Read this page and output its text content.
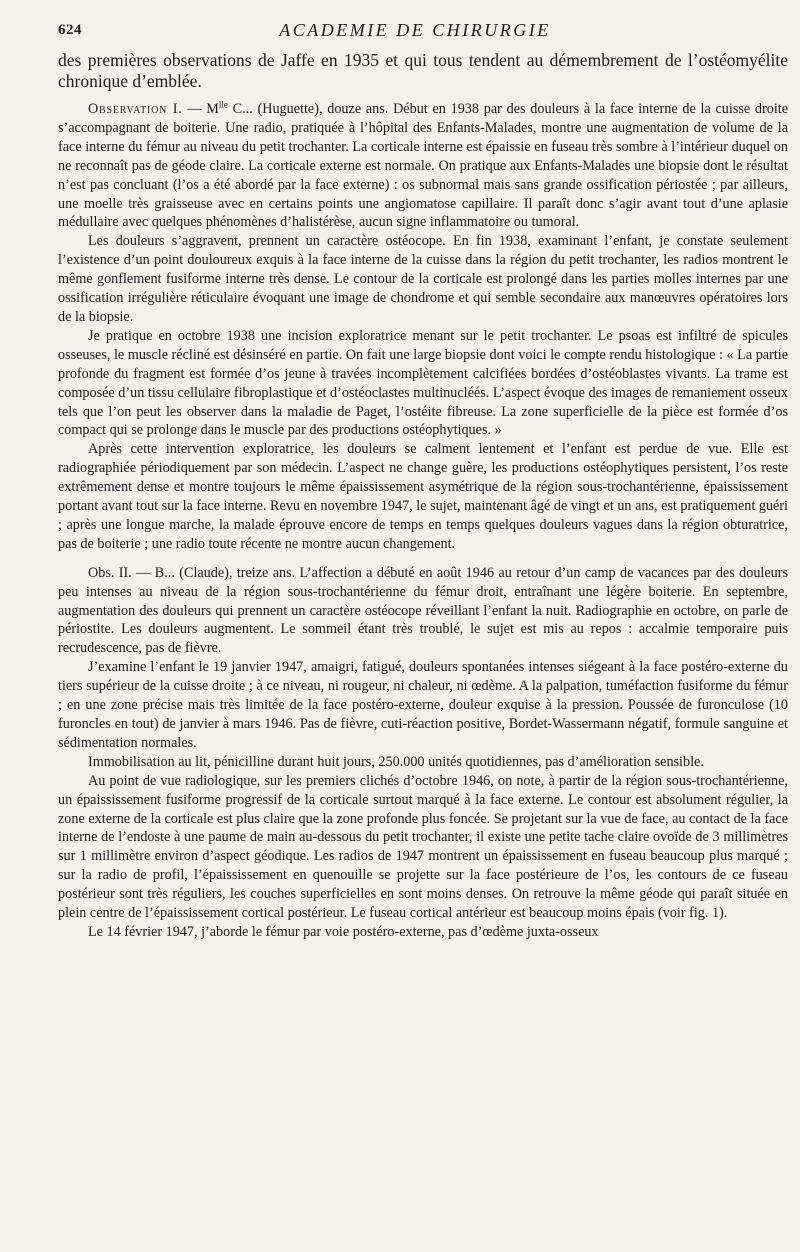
624	ACADEMIE DE CHIRURGIE

des premières observations de Jaffe en 1935 et qui tous tendent au démembrement de l’ostéomyélite chronique d’emblée.

Observation I. — $M^{lle}$ C... (Huguette), douze ans. Début en 1938 par des douleurs à la face interne de la cuisse droite s’accompagnant de boiterie. Une radio, pratiquée à l’hôpital des Enfants-Malades, montre une augmentation de volume de la face interne du fémur au niveau du petit trochanter. La corticale interne est épaissie en fuseau très sombre à l’intérieur duquel on ne reconnaît pas de géode claire. La corticale externe est normale. On pratique aux Enfants-Malades une biopsie dont le résultat n’est pas concluant (l’os a été abordé par la face externe) : os subnormal mais sans grande ossification périostée ; par ailleurs, une moelle très graisseuse avec en certains points une angiomatose capillaire. Il paraît donc s’agir avant tout d’une aplasie médullaire avec quelques phénomènes d’halistérèse, aucun signe inflammatoire ou tumoral.

Les douleurs s’aggravent, prennent un caractère ostéocope. En fin 1938, examinant l’enfant, je constate seulement l’existence d’un point douloureux exquis à la face interne de la cuisse dans la région du petit trochanter, les radios montrent le même gonflement fusiforme interne très dense. Le contour de la corticale est prolongé dans les parties molles internes par une ossification irrégulière réticulaire évoquant une image de chondrome et qui semble secondaire aux manœuvres opératoires lors de la biopsie.

Je pratique en octobre 1938 une incision exploratrice menant sur le petit trochanter. Le psoas est infiltré de spicules osseuses, le muscle récliné est désinséré en partie. On fait une large biopsie dont voici le compte rendu histologique : « La partie profonde du fragment est formée d’os jeune à travées incomplètement calcifiées bordées d’ostéoblastes vivants. La trame est composée d’un tissu cellulaire fibroplastique et d’ostéoclastes multinucléés. L’aspect évoque des images de remaniement osseux tels que l’on peut les observer dans la maladie de Paget, l’ostéite fibreuse. La zone superficielle de la pièce est formée d’os compact qui se prolonge dans le muscle par des productions ostéophytiques. »

Après cette intervention exploratrice, les douleurs se calment lentement et l’enfant est perdue de vue. Elle est radiographiée périodiquement par son médecin. L’aspect ne change guère, les productions ostéophytiques persistent, l’os reste extrêmement dense et montre toujours le même épaississement asymétrique de la région sous-trochantérienne, épaississement portant avant tout sur la face interne. Revu en novembre 1947, le sujet, maintenant âgé de vingt et un ans, est pratiquement guéri ; après une longue marche, la malade éprouve encore de temps en temps quelques douleurs vagues dans la région obturatrice, pas de boiterie ; une radio toute récente ne montre aucun changement.

Obs. II. — B... (Claude), treize ans. L’affection a débuté en août 1946 au retour d’un camp de vacances par des douleurs peu intenses au niveau de la région sous-trochantérienne du fémur droit, entraînant une légère boiterie. En septembre, augmentation des douleurs qui prennent un caractère ostéocope réveillant l’enfant la nuit. Radiographie en octobre, on parle de périostite. Les douleurs augmentent. Le sommeil étant très troublé, le sujet est mis au repos : accalmie temporaire puis recrudescence, pas de fièvre.

J’examine l’enfant le 19 janvier 1947, amaigri, fatigué, douleurs spontanées intenses siégeant à la face postéro-externe du tiers supérieur de la cuisse droite ; à ce niveau, ni rougeur, ni chaleur, ni œdème. A la palpation, tuméfaction fusiforme du fémur ; en une zone précise mais très limitée de la face postéro-externe, douleur exquise à la pression. Poussée de furonculose (10 furoncles en tout) de janvier à mars 1946. Pas de fièvre, cuti-réaction positive, Bordet-Wassermann négatif, formule sanguine et sédimentation normales.

Immobilisation au lit, pénicilline durant huit jours, 250.000 unités quotidiennes, pas d’amélioration sensible.

Au point de vue radiologique, sur les premiers clichés d’octobre 1946, on note, à partir de la région sous-trochantérienne, un épaississement fusiforme progressif de la corticale surtout marqué à la face externe. Le contour est absolument régulier, la zone externe de la corticale est plus claire que la zone profonde plus foncée. Se projetant sur la vue de face, au contact de la face interne de l’endoste à une paume de main au-dessous du petit trochanter, il existe une petite tache claire ovoïde de 3 millimètres sur 1 millimètre environ d’aspect géodique. Les radios de 1947 montrent un épaississement en fuseau beaucoup plus marqué ; sur la radio de profil, l’épaississement en quenouille se projette sur la face postérieure de l’os, les contours de ce fuseau postérieur sont très réguliers, les couches superficielles en sont moins denses. On retrouve la même géode qui paraît située en plein centre de l’épaississement cortical postérieur. Le fuseau cortical antérieur est beaucoup moins épais (voir fig. 1).

Le 14 février 1947, j’aborde le fémur par voie postéro-externe, pas d’œdème juxta-osseux
